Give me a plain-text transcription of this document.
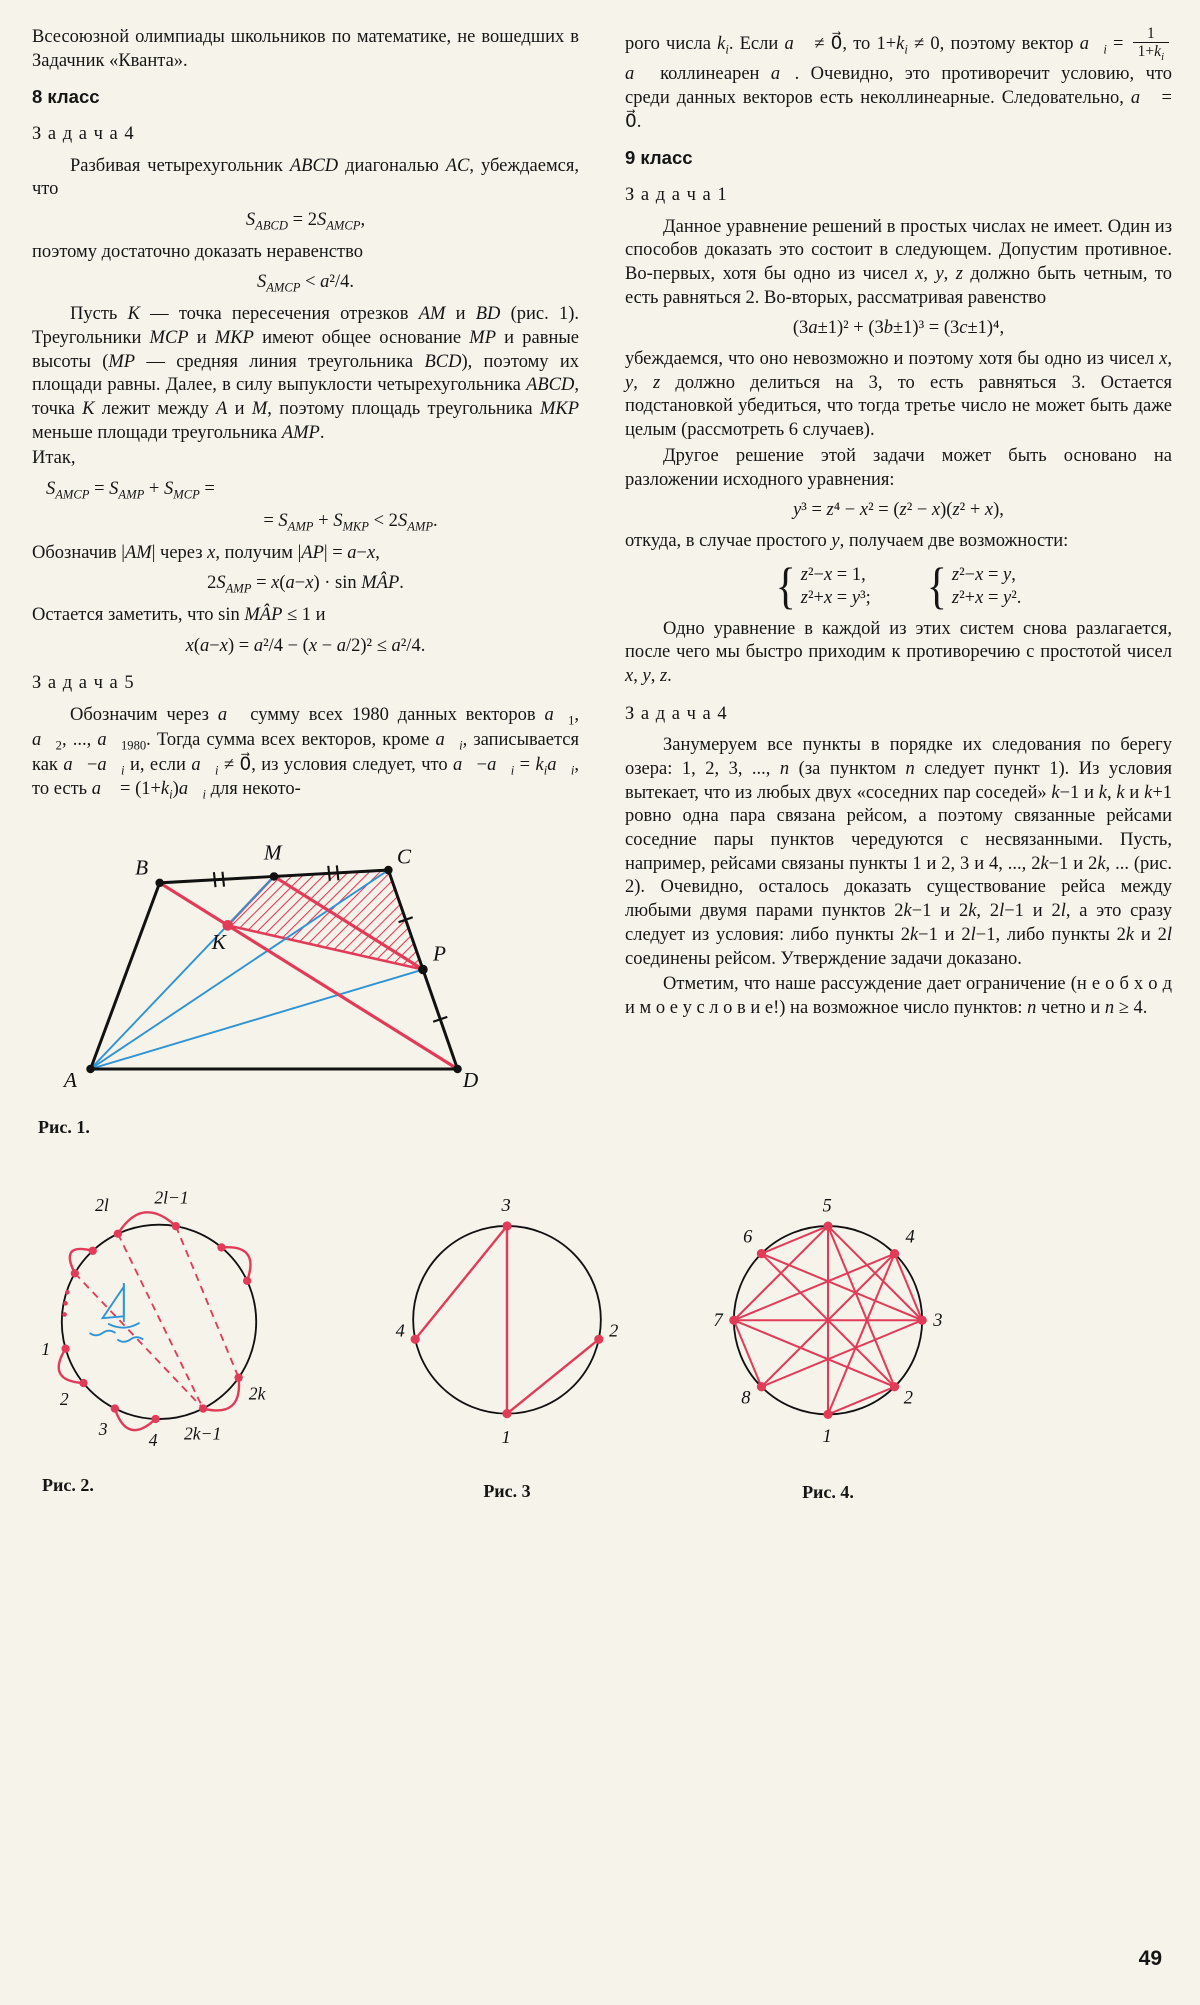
Всесоюзной олимпиады школьников по математике, не вошедших в Задачник «Кванта».

8 класс
З а д а ч а 4

Разбивая четырехугольник ABCD диагональю AC, убеждаемся, что

$S_{ABCD} = 2S_{AMCP}$,

поэтому достаточно доказать неравенство

$S_{AMCP} < a^2/4$.

Пусть K — точка пересечения отрезков AM и BD (рис. 1). Треугольники MCP и MKP имеют общее основание MP и равные высоты (MP — средняя линия треугольника BCD), поэтому их площади равны. Далее, в силу выпуклости четырехугольника ABCD, точка K лежит между A и M, поэтому площадь треугольника MKP меньше площади треугольника AMP.

Итак,

$S_{AMCP} = S_{AMP} + S_{MCP}$ =
= $S_{AMP} + S_{MKP} < 2S_{AMP}$.

Обозначив |AM| через x, получим |AP| = a−x,

$2S_{AMP} = x(a-x) \cdot \sin$ MÂP.

Остается заметить, что sin MÂP ≤ 1 и

x(a−x) = a²/4 − (x − a/2)² ≤ a²/4.
З а д а ч а 5

Обозначим через a⃗ сумму всех 1980 данных векторов $a⃗_1$, $a⃗_2$, ..., $a⃗_{1980}$. Тогда сумма всех векторов, кроме $a⃗_i$, записывается как $a⃗-a⃗_i$ и, если $a⃗_i$ ≠ 0⃗, из условия следует, что $a⃗-a⃗_i$ = $k_ia⃗_i$, то есть a⃗ = $(1+k_i)a⃗_i$ для некото-

A
B
M	C
K	P
D
Рис. 1.

рого числа $k_i$. Если a⃗ ≠ 0⃗, то $1+k_i \ne 0$, поэтому вектор $a⃗_i = \frac{1}{1+k_i}$
a⃗ коллинеарен a⃗. Очевидно, это противоречит условию, что среди данных векторов есть неколлинеарные. Следовательно, a⃗ = 0⃗.

9 класс
З а д а ч а 1

Данное уравнение решений в простых числах не имеет. Один из способов доказать это состоит в следующем. Допустим противное. Во-первых, хотя бы одно из чисел x, y, z должно быть четным, то есть равняться 2. Во-вторых, рассматривая равенство

(3a±1)² + (3b±1)³ = (3c±1)⁴,

убеждаемся, что оно невозможно и поэтому хотя бы одно из чисел x, y, z должно делиться на 3, то есть равняться 3. Остается подстановкой убедиться, что тогда третье число не может быть даже целым (рассмотреть 6 случаев).

Другое решение этой задачи может быть основано на разложении исходного уравнения:

y³ = z⁴ − x² = (z² − x)(z² + x),

откуда, в случае простого y, получаем две возможности:

{ z²−x = 1,
z²+x = y³; { z²−x = y,
z²+x = y².

Одно уравнение в каждой из этих систем снова разлагается, после чего мы быстро приходим к противоречию с простотой чисел x, y, z.

З а д а ч а 4

Занумеруем все пункты в порядке их следования по берегу озера: 1, 2, 3, ..., n (за пунктом n следует пункт 1). Из условия вытекает, что из любых двух «соседних пар соседей» k−1 и k, k и k+1 ровно одна пара связана рейсом, а поэтому связанные рейсами соседние пары пунктов чередуются с несвязанными. Пусть, например, рейсами связаны пункты 1 и 2, 3 и 4, ..., 2k−1 и 2k, ... (рис. 2). Очевидно, осталось доказать существование рейса между любыми двумя парами пунктов 2k−1 и 2k, 2l−1 и 2l, а это сразу следует из условия: либо пункты 2k−1 и 2l−1, либо пункты 2k и 2l соединены рейсом. Утверждение задачи доказано.

Отметим, что наше рассуждение дает ограничение (н е о б х о д и м о е у с л о в и е!) на возможное число пунктов: n четно и n ≥ 4.

2l 2l−1
1
2
3
4 2k−1
2k
Рис. 2.
3
4	2
1
Рис. 3
5
4
3
2
1
8
7
6
Рис. 4.
49
